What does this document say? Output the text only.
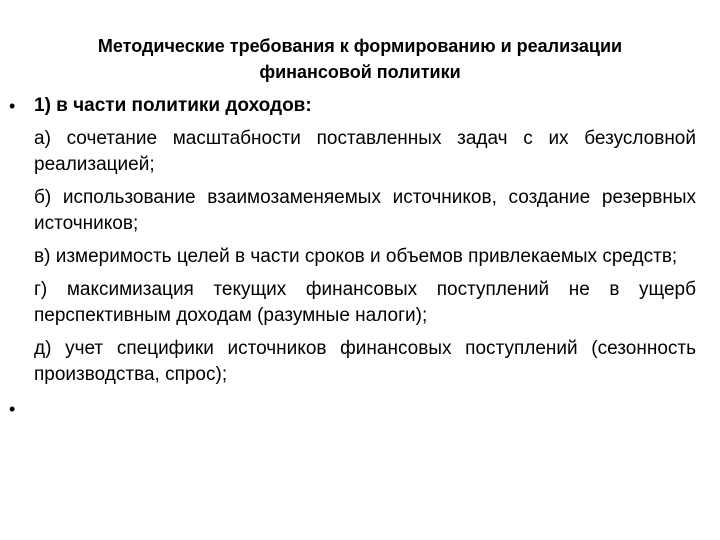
Методические требования к формированию и реализации
финансовой политики
• 1) в части политики доходов:

а) сочетание масштабности поставленных задач с их безусловной реализацией;

б) использование взаимозаменяемых источников, создание резервных источников;

в) измеримость целей в части сроков и объемов привлекаемых средств;

г) максимизация текущих финансовых поступлений не в ущерб перспективным доходам (разумные налоги);

д) учет специфики источников финансовых поступлений (сезонность производства, спрос);

•
